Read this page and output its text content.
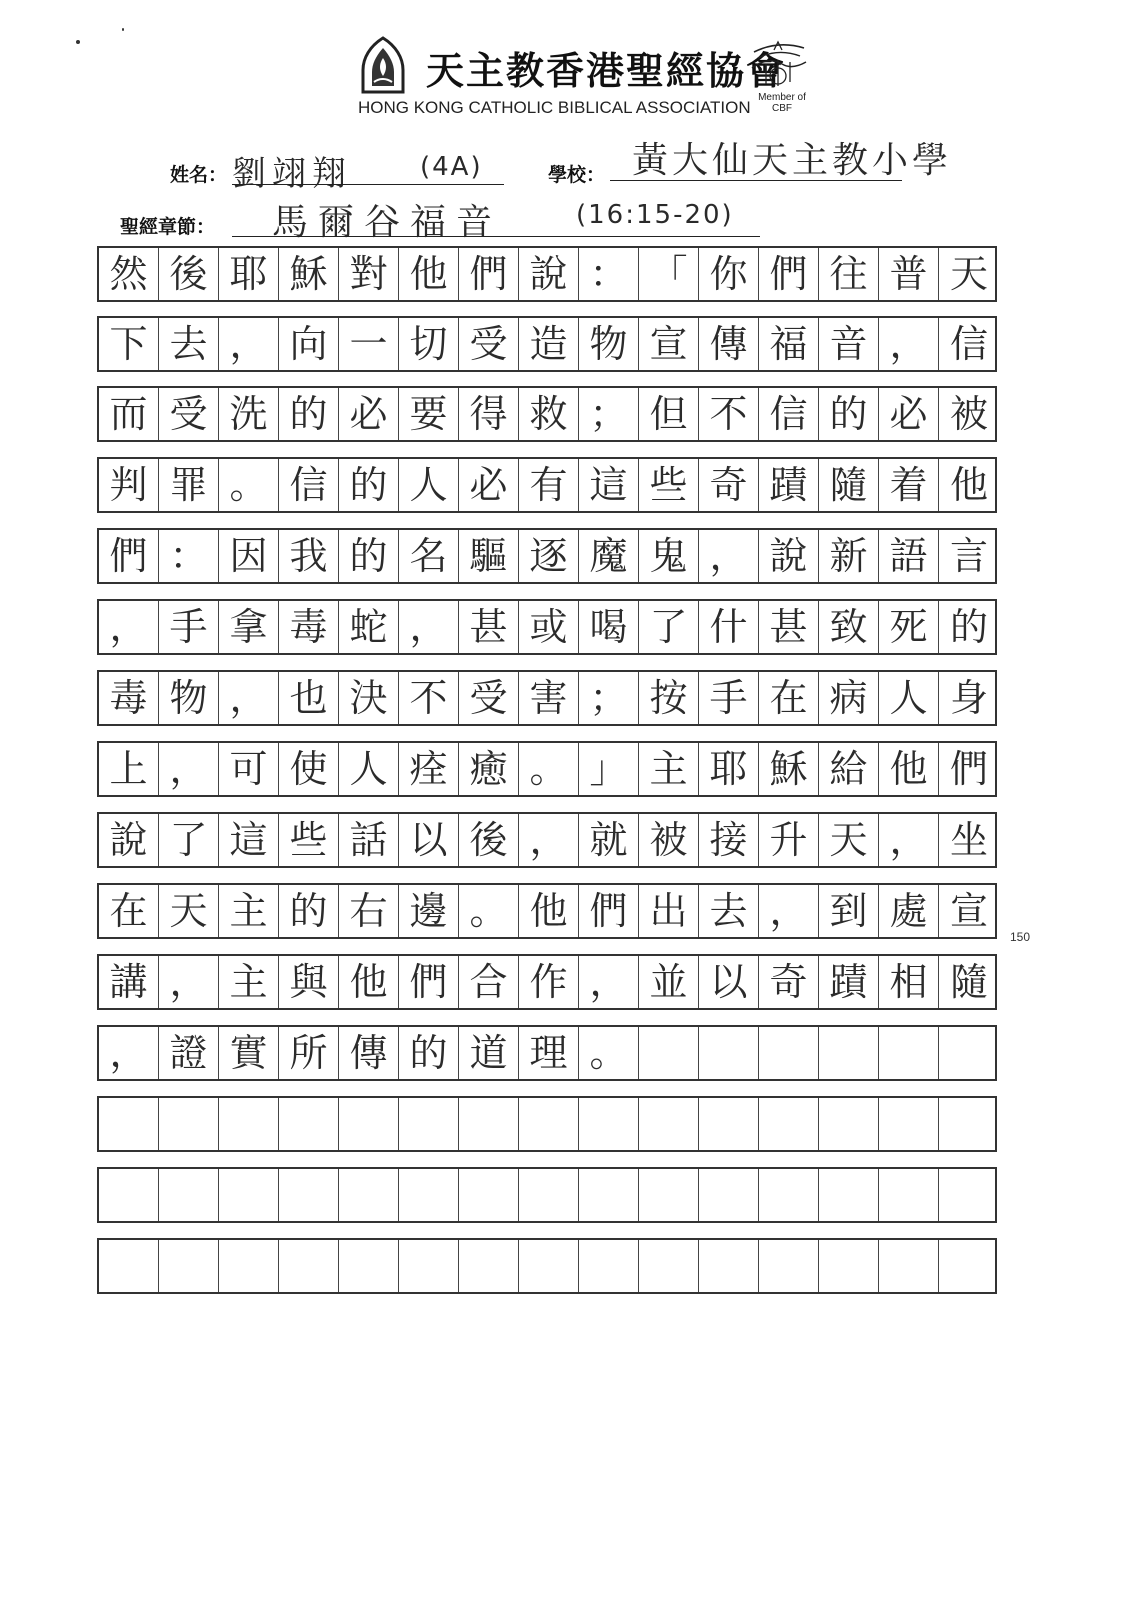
天主教香港聖經協會
HONG KONG CATHOLIC BIBLICAL ASSOCIATION
Member of
CBF
姓名： 劉翊翔	(4A)	學校： 黃大仙天主教小學
聖經章節： 馬爾谷福音	(16:15-20)
然 後 耶 穌 對 他 們 說 ： 「 你 們 往 普 天
下 去 ， 向 一 切 受 造 物 宣 傳 福 音 ， 信
而 受 洗 的 必 要 得 救 ； 但 不 信 的 必 被
判 罪 。 信 的 人 必 有 這 些 奇 蹟 隨 着 他
們 ： 因 我 的 名 驅 逐 魔 鬼 ， 說 新 語 言
， 手 拿 毒 蛇 ， 甚 或 喝 了 什 甚 致 死 的
毒 物 ， 也 決 不 受 害 ； 按 手 在 病 人 身
上 ， 可 使 人 痊 癒 。 」 主 耶 穌 給 他 們
說 了 這 些 話 以 後 ， 就 被 接 升 天 ， 坐
在 天 主 的 右 邊 。 他 們 出 去 ， 到 處 宣
講 ， 主 與 他 們 合 作 ， 並 以 奇 蹟 相 隨
， 證 實 所 傳 的 道 理 。
150
